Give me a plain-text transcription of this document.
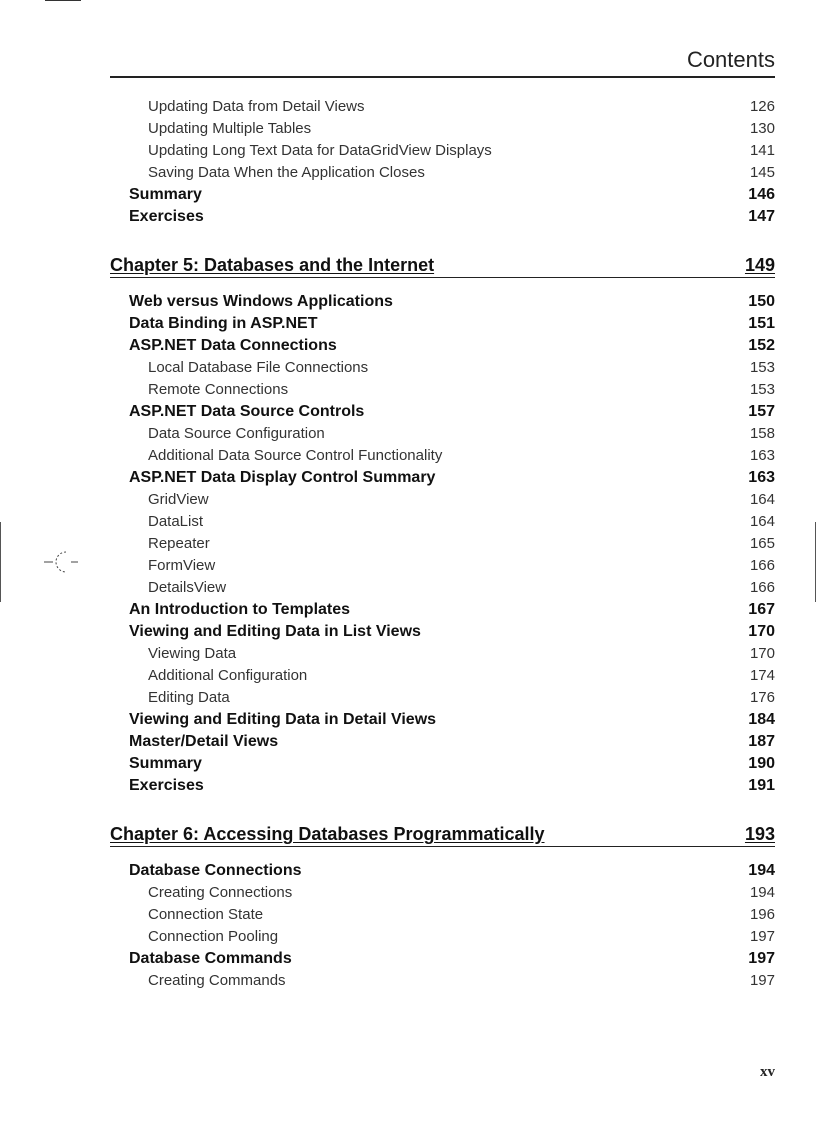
Contents
Updating Data from Detail Views	126
Updating Multiple Tables	130
Updating Long Text Data for DataGridView Displays	141
Saving Data When the Application Closes	145
Summary	146
Exercises	147
Chapter 5: Databases and the Internet	149
Web versus Windows Applications	150
Data Binding in ASP.NET	151
ASP.NET Data Connections	152
Local Database File Connections	153
Remote Connections	153
ASP.NET Data Source Controls	157
Data Source Configuration	158
Additional Data Source Control Functionality	163
ASP.NET Data Display Control Summary	163
GridView	164
DataList	164
Repeater	165
FormView	166
DetailsView	166
An Introduction to Templates	167
Viewing and Editing Data in List Views	170
Viewing Data	170
Additional Configuration	174
Editing Data	176
Viewing and Editing Data in Detail Views	184
Master/Detail Views	187
Summary	190
Exercises	191
Chapter 6: Accessing Databases Programmatically	193
Database Connections	194
Creating Connections	194
Connection State	196
Connection Pooling	197
Database Commands	197
Creating Commands	197
xv
